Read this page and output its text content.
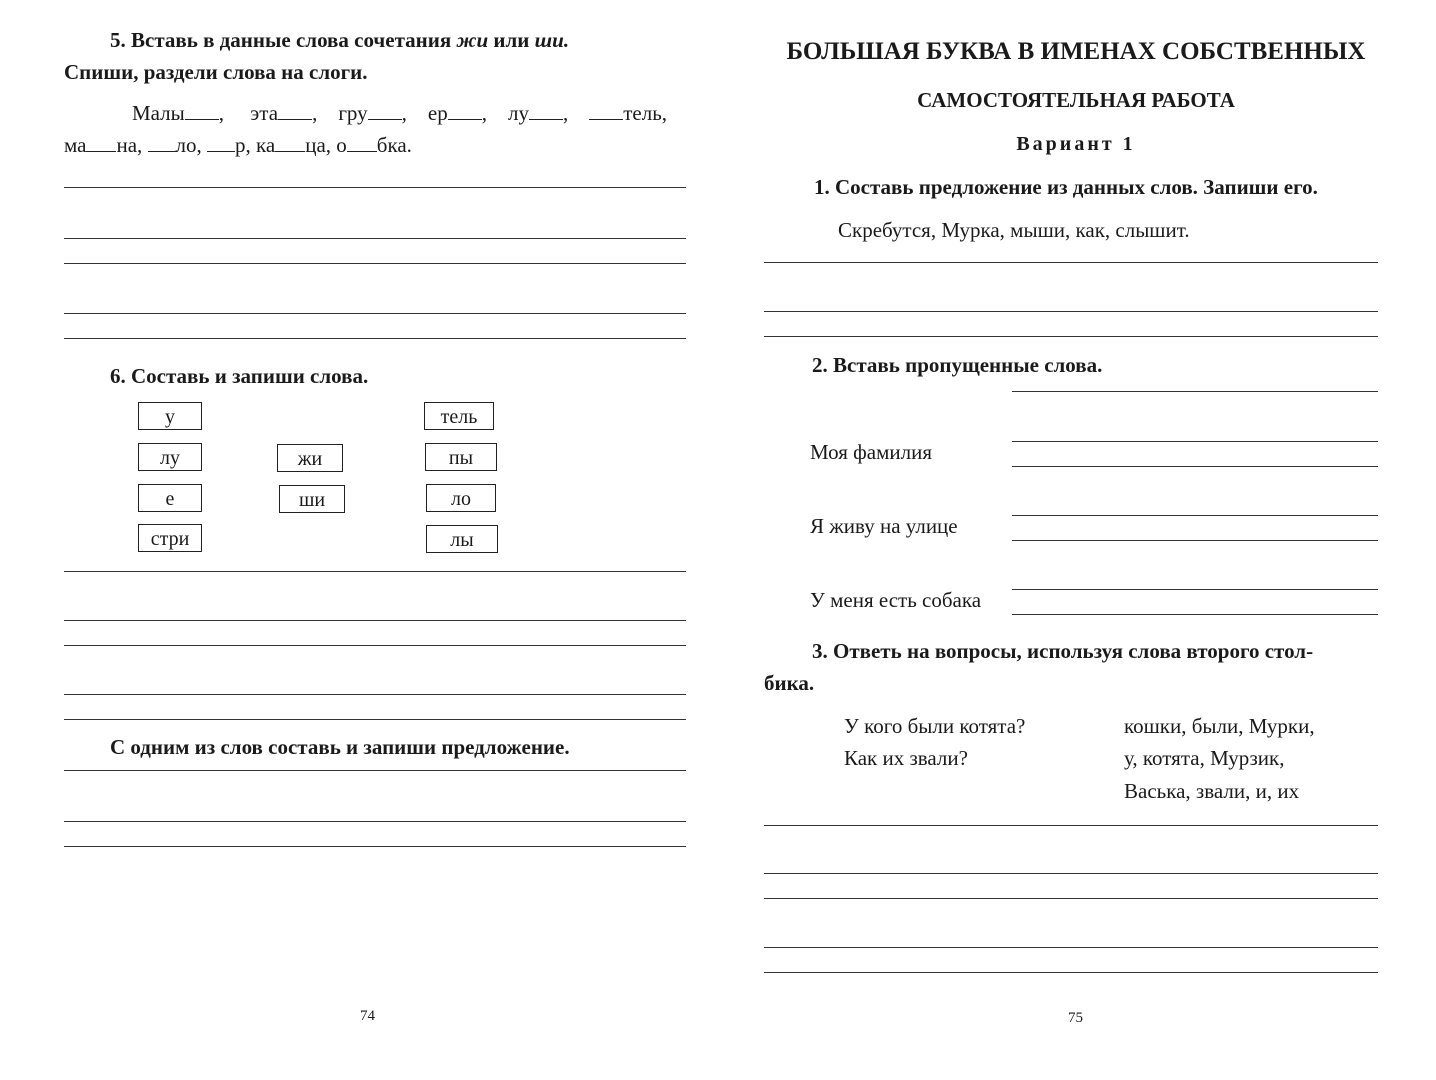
5. Вставь в данные слова сочетания жи или ши.
Спиши, раздели слова на слоги.
Малы ,     эта ,    гру ,    ер ,    лу ,    тель,
ма на, ло, р, ка ца, о бка.
6. Составь и запиши слова.
у
лу
е
стри
жи
ши
тель
пы
ло
лы
С одним из слов составь и запиши предложение.
74
БОЛЬШАЯ БУКВА В ИМЕНАХ СОБСТВЕННЫХ
САМОСТОЯТЕЛЬНАЯ РАБОТА
Вариант 1
1. Составь предложение из данных слов. Запиши его.
Скребутся, Мурка, мыши, как, слышит.
2. Вставь пропущенные слова.
Моя фамилия
Я живу на улице
У меня есть собака
3. Ответь на вопросы, используя слова второго стол-
бика.
У кого были котята?
Как их звали?
кошки, были, Мурки,
у, котята, Мурзик,
Васька, звали, и, их
75
